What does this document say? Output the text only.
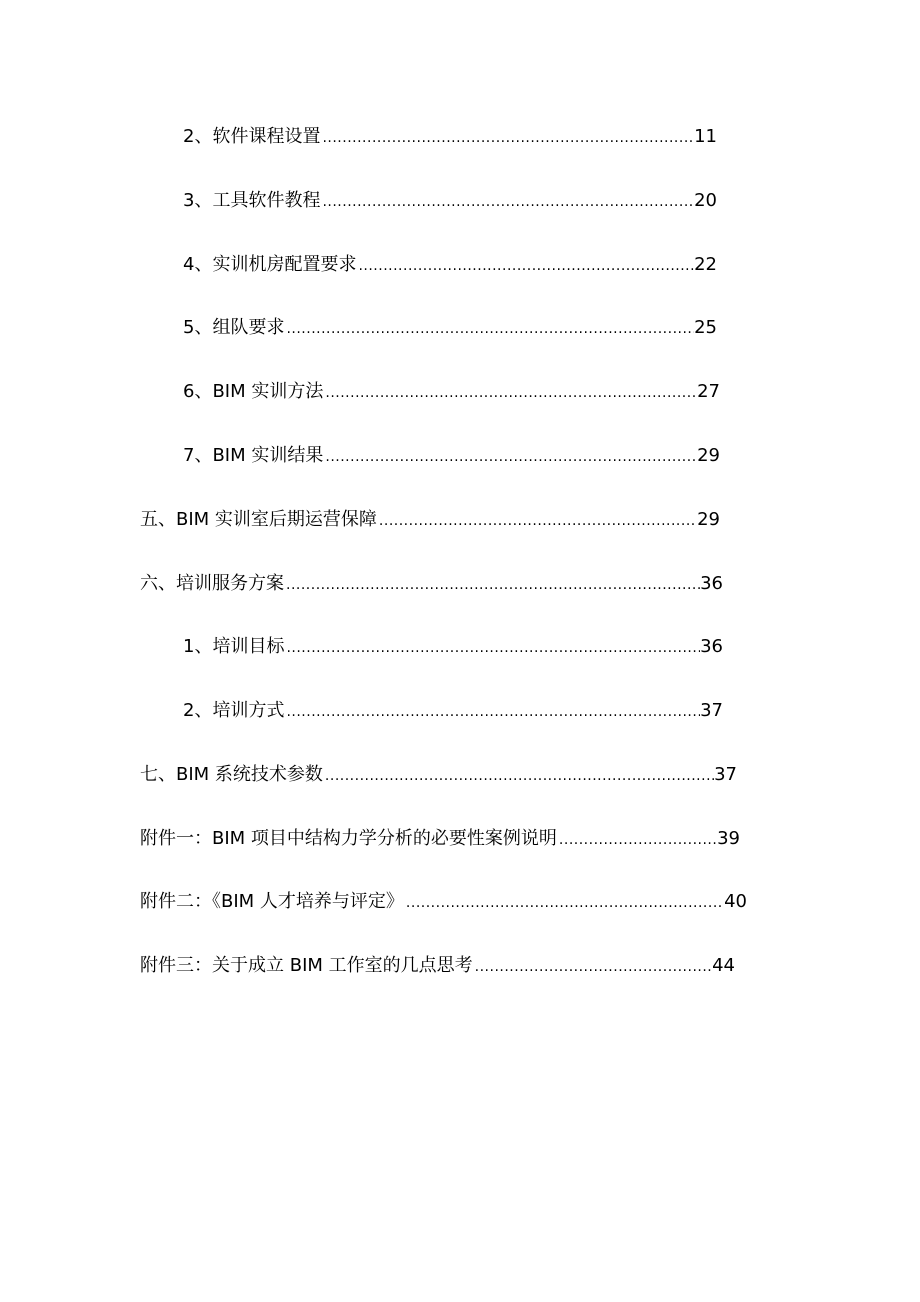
2、软件课程设置 .....	11
3、工具软件教程 .....	20
4、实训机房配置要求 .....	22
5、组队要求 .....	25
6、BIM 实训方法 .....	27
7、BIM 实训结果 .....	29
五、BIM 实训室后期运营保障 .....	29
六、培训服务方案 .....	36
1、培训目标 .....	36
2、培训方式 .....	37
七、BIM 系统技术参数 .....	37
附件一：BIM 项目中结构力学分析的必要性案例说明 .....	39
附件二：《BIM 人才培养与评定》 .....	40
附件三：关于成立 BIM 工作室的几点思考 .....	44
